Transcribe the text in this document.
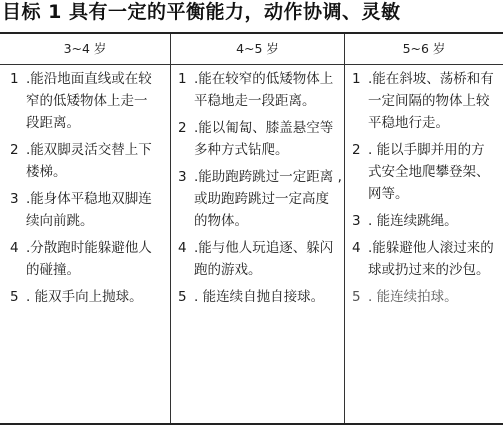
目标 1 具有一定的平衡能力，动作协调、灵敏
3~4 岁	4~5 岁	5~6 岁
1 .能沿地面直线或在较窄的低矮物体上走一段距离。
2 .能双脚灵活交替上下楼梯。
3 .能身体平稳地双脚连续向前跳。
4 .分散跑时能躲避他人的碰撞。
5 . 能双手向上抛球。
1 .能在较窄的低矮物体上平稳地走一段距离。
2 .能以匍匐、膝盖悬空等多种方式钻爬。
3 .能助跑跨跳过一定距离 ,或助跑跨跳过一定高度的物体。
4 .能与他人玩追逐、躲闪跑的游戏。
5 . 能连续自抛自接球。
1 .能在斜坡、荡桥和有一定间隔的物体上较平稳地行走。
2 . 能以手脚并用的方式安全地爬攀登架、网等。
3 . 能连续跳绳。
4 .能躲避他人滚过来的球或扔过来的沙包。
5 . 能连续拍球。
